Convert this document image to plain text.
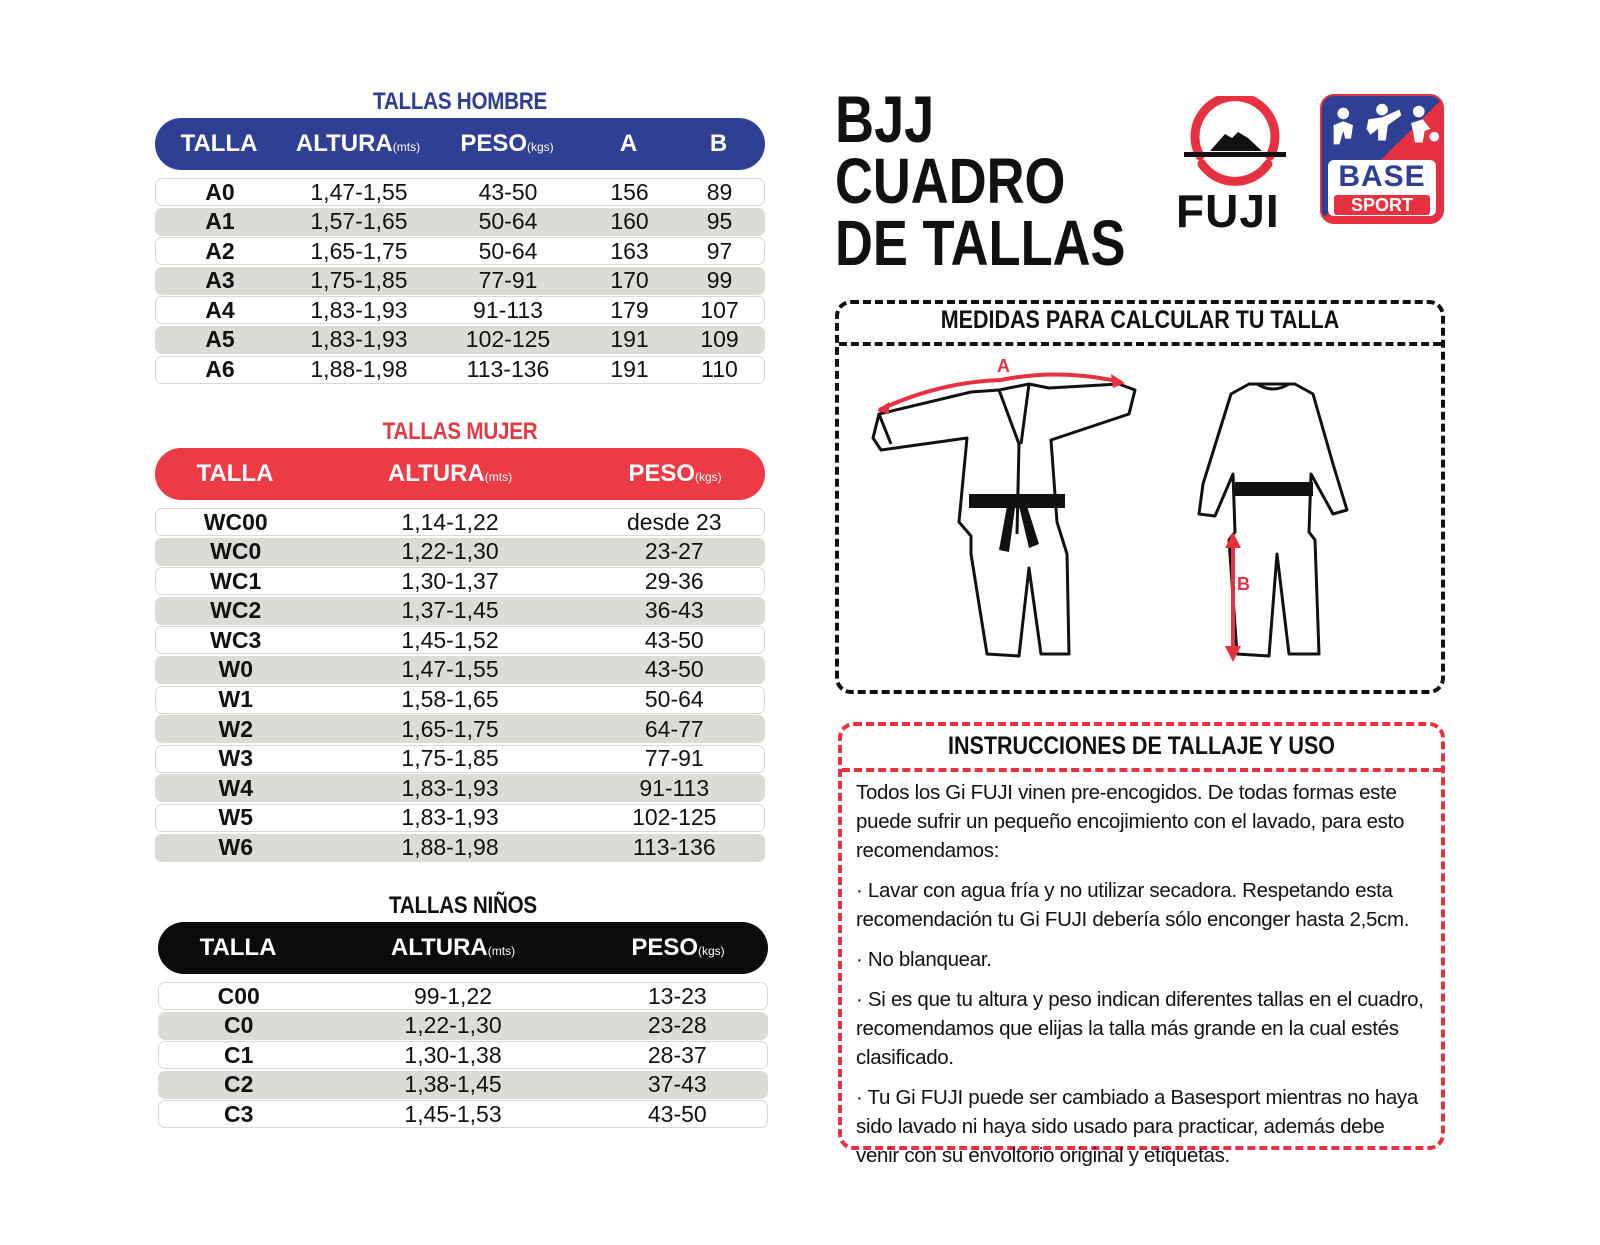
TALLAS HOMBRE
TALLA	ALTURA(mts)	PESO(kgs)	A	B
A0	1,47-1,55	43-50	156	89
A1	1,57-1,65	50-64	160	95
A2	1,65-1,75	50-64	163	97
A3	1,75-1,85	77-91	170	99
A4	1,83-1,93	91-113	179	107
A5	1,83-1,93	102-125	191	109
A6	1,88-1,98	113-136	191	110
TALLAS MUJER
TALLA	ALTURA(mts)	PESO(kgs)
WC00	1,14-1,22	desde 23
WC0	1,22-1,30	23-27
WC1	1,30-1,37	29-36
WC2	1,37-1,45	36-43
WC3	1,45-1,52	43-50
W0	1,47-1,55	43-50
W1	1,58-1,65	50-64
W2	1,65-1,75	64-77
W3	1,75-1,85	77-91
W4	1,83-1,93	91-113
W5	1,83-1,93	102-125
W6	1,88-1,98	113-136
TALLAS NIÑOS
TALLA	ALTURA(mts)	PESO(kgs)
C00	99-1,22	13-23
C0	1,22-1,30	23-28
C1	1,30-1,38	28-37
C2	1,38-1,45	37-43
C3	1,45-1,53	43-50
BJJ
CUADRO
DE TALLAS FUJI
BASE
SPORT
MEDIDAS PARA CALCULAR TU TALLA
A
B
INSTRUCCIONES DE TALLAJE Y USO

Todos los Gi FUJI vinen pre-encogidos. De todas formas este puede sufrir un pequeño encojimiento con el lavado, para esto recomendamos:

· Lavar con agua fría y no utilizar secadora. Respetando esta recomendación tu Gi FUJI debería sólo enconger hasta 2,5cm.

· No blanquear.

· Si es que tu altura y peso indican diferentes tallas en el cuadro, recomendamos que elijas la talla más grande en la cual estés clasificado.

· Tu Gi FUJI puede ser cambiado a Basesport mientras no haya sido lavado ni haya sido usado para practicar, además debe venir con su envoltorio original y etiquetas.
